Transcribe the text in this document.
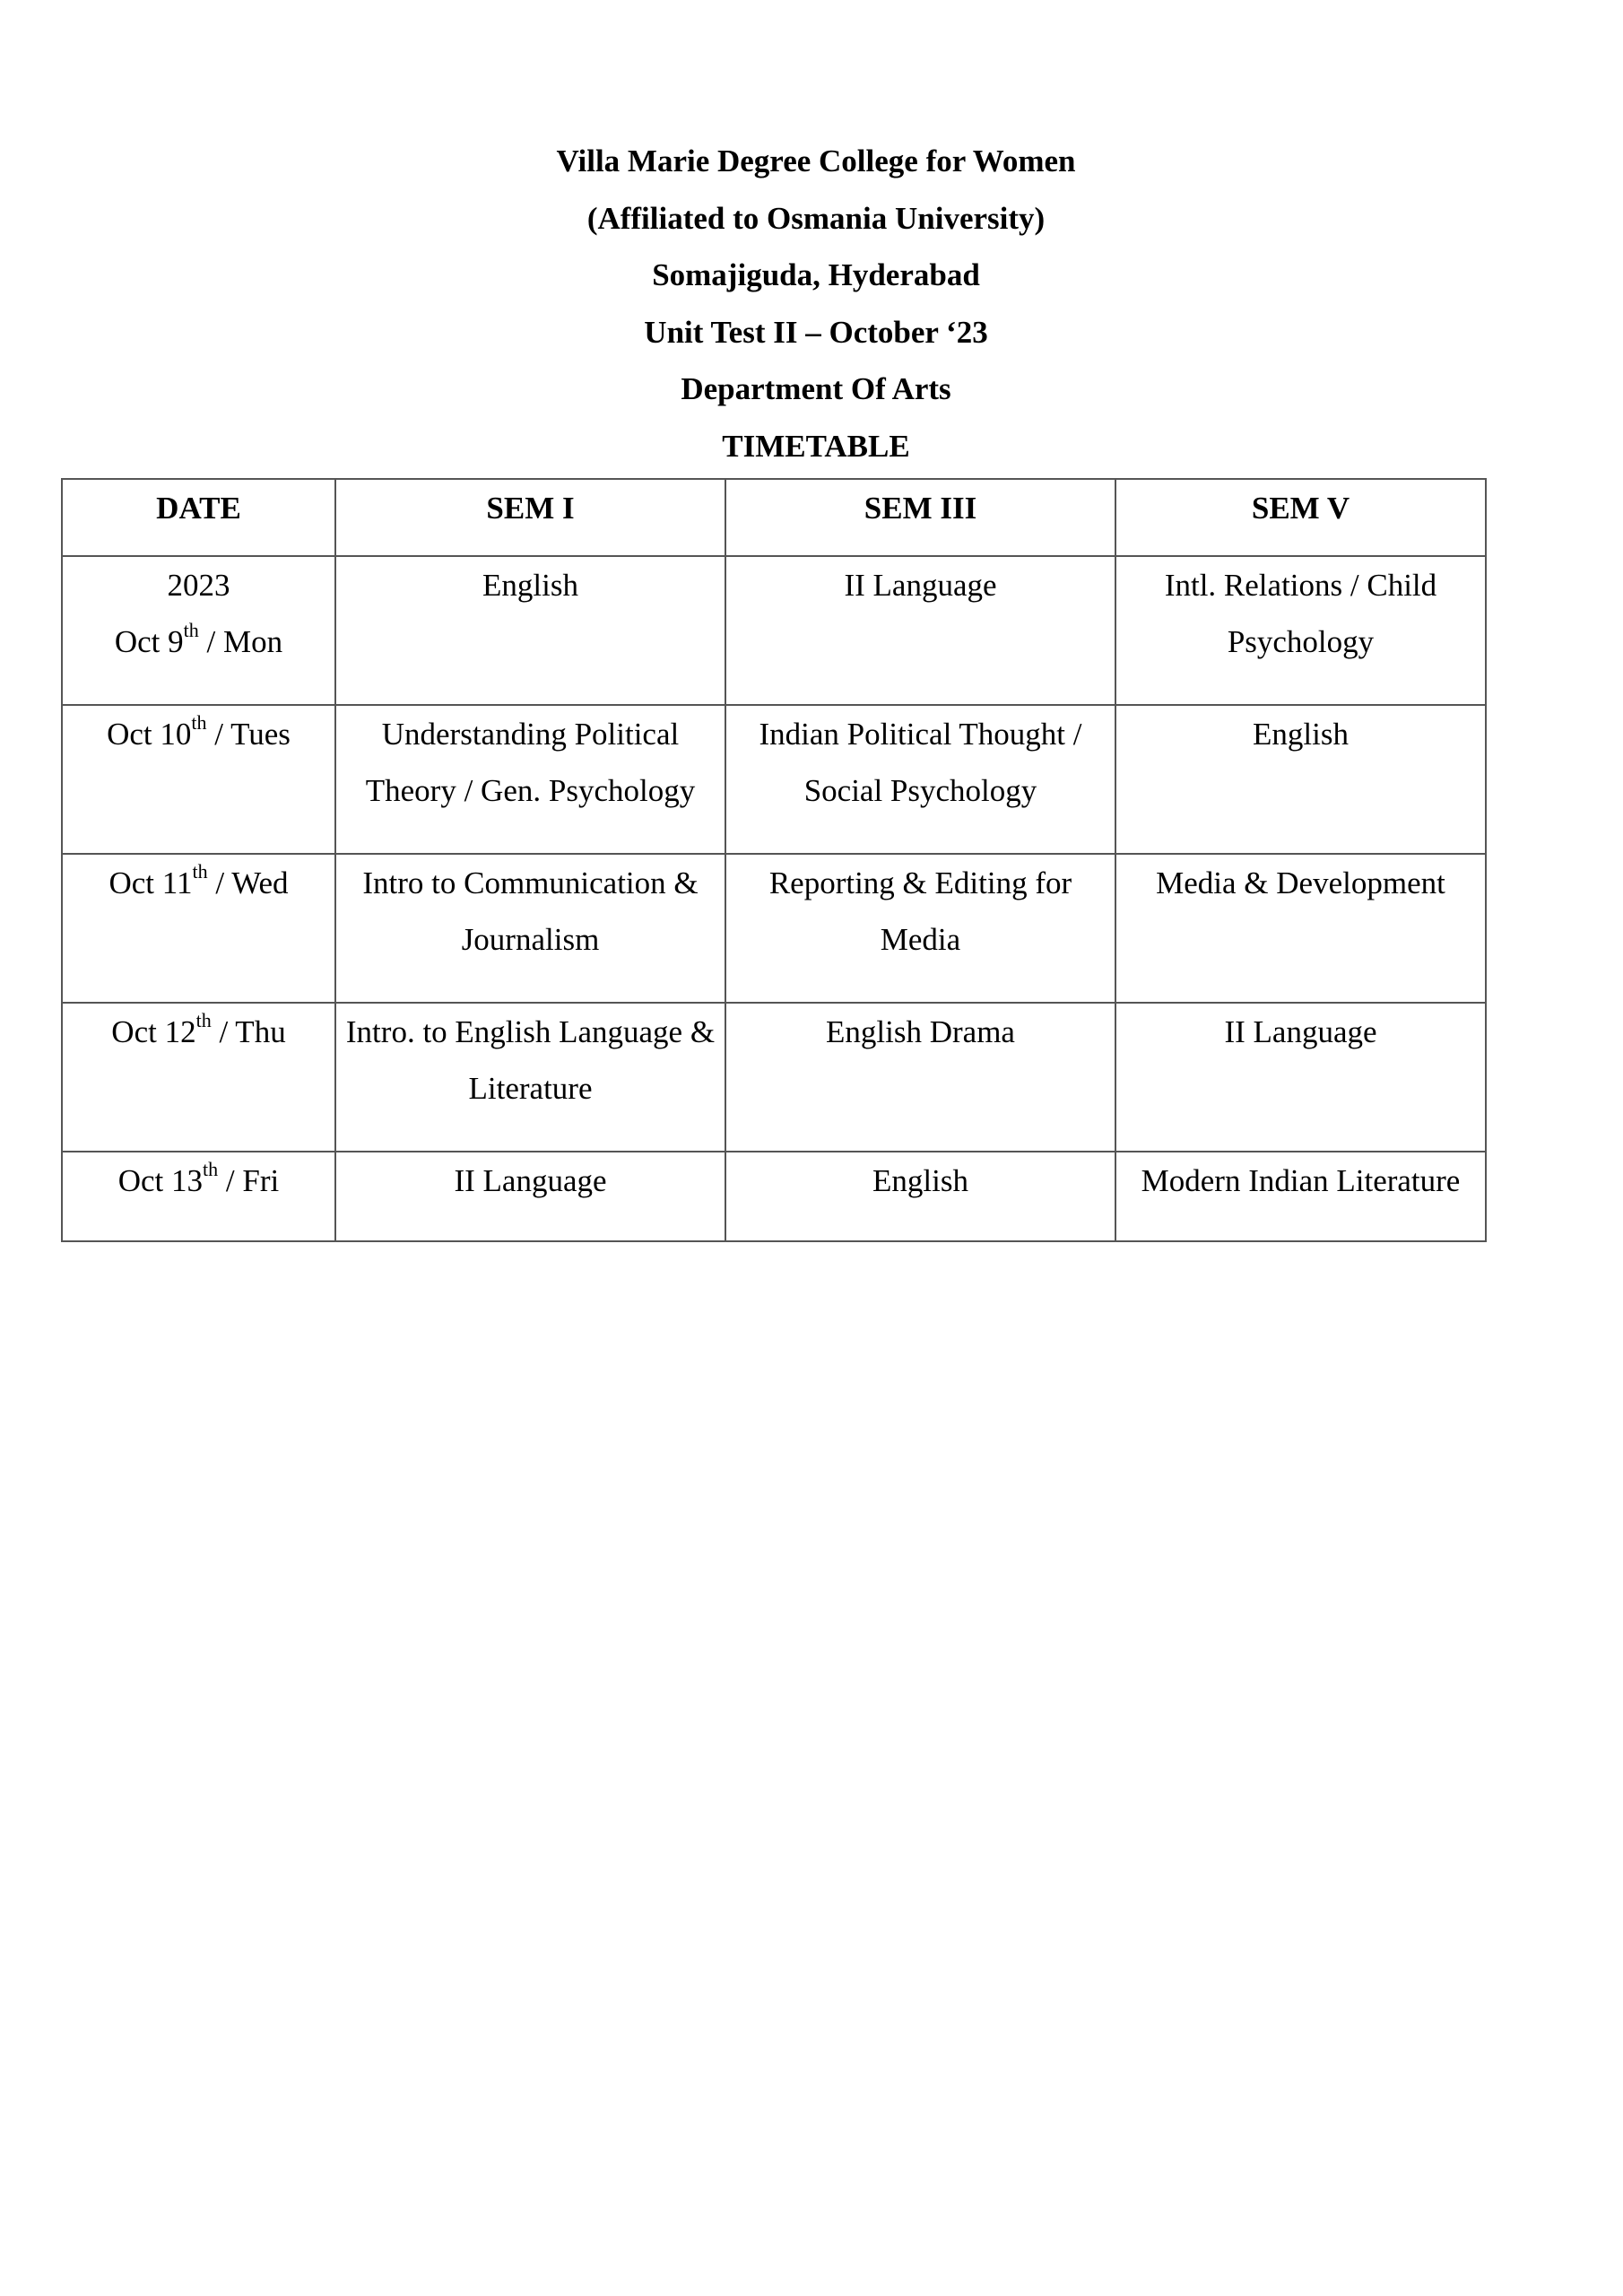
Villa Marie Degree College for Women
(Affiliated to Osmania University)
Somajiguda, Hyderabad
Unit Test II – October ‘23
Department Of Arts
TIMETABLE
DATE	SEM I	SEM III	SEM V

2023
Oct 9th / Mon	English	II Language	Intl. Relations / Child Psychology
Oct 10th / Tues	Understanding Political Theory / Gen. Psychology	Indian Political Thought / Social Psychology	English
Oct 11th / Wed	Intro to Communication & Journalism	Reporting & Editing for Media	Media & Development
Oct 12th / Thu	Intro. to English Language & Literature	English Drama	II Language
Oct 13th / Fri	II Language	English	Modern Indian Literature
